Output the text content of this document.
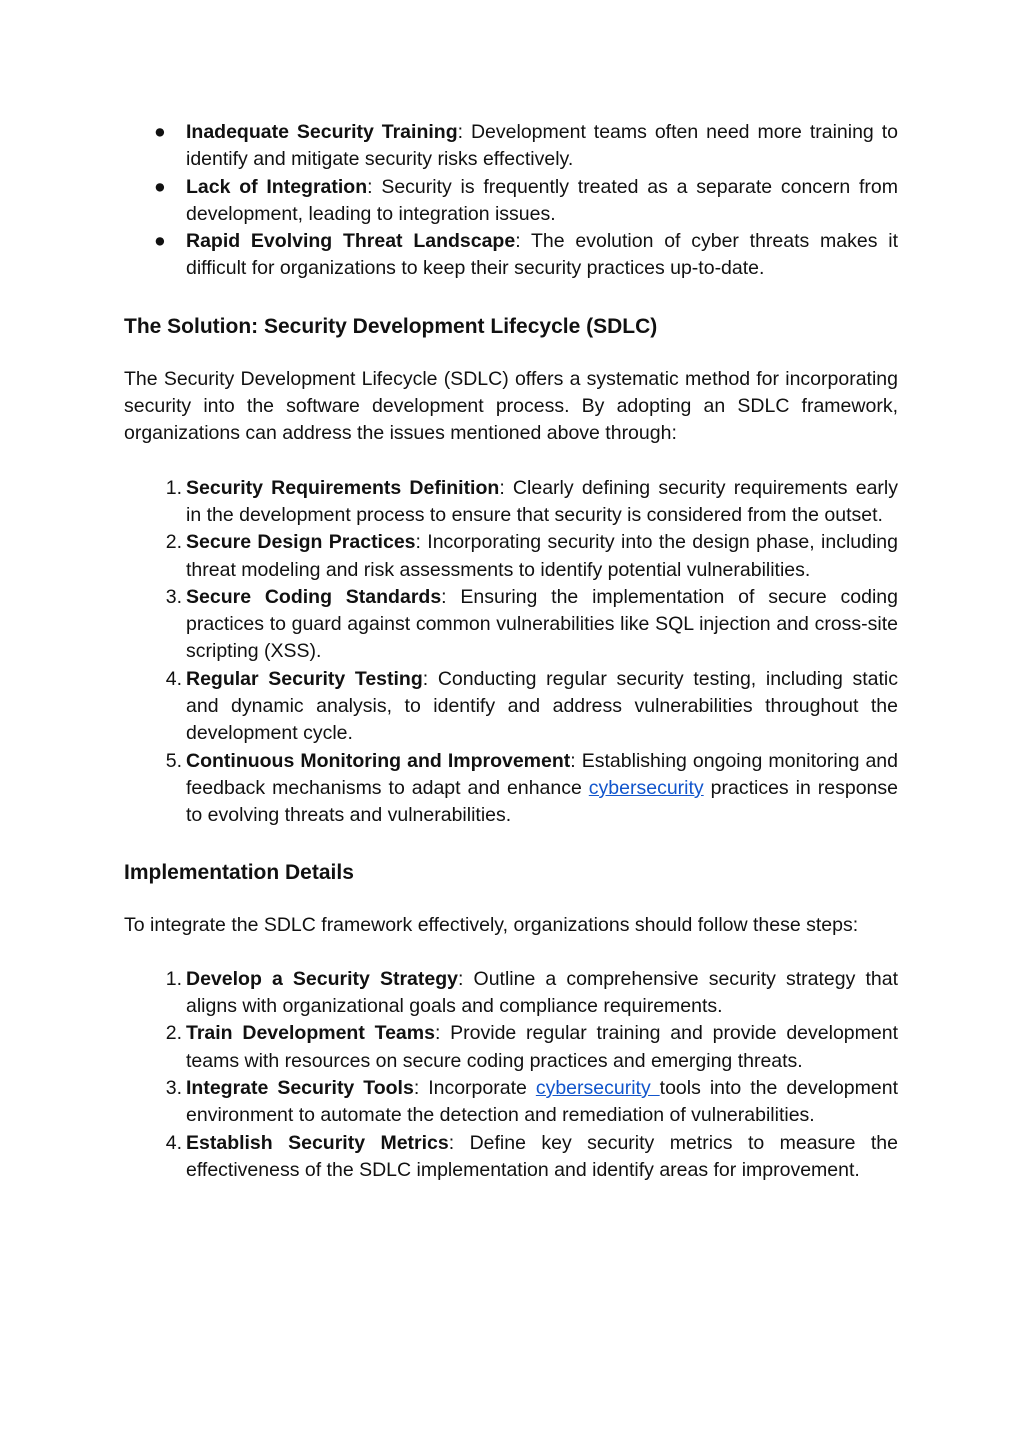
●	Inadequate Security Training: Development teams often need more training to identify and mitigate security risks effectively.
●	Lack of Integration: Security is frequently treated as a separate concern from development, leading to integration issues.
●	Rapid Evolving Threat Landscape: The evolution of cyber threats makes it difficult for organizations to keep their security practices up-to-date.
The Solution: Security Development Lifecycle (SDLC)

The Security Development Lifecycle (SDLC) offers a systematic method for incorporating security into the software development process. By adopting an SDLC framework, organizations can address the issues mentioned above through:

1. Security Requirements Definition: Clearly defining security requirements early in the development process to ensure that security is considered from the outset.
2. Secure Design Practices: Incorporating security into the design phase, including threat modeling and risk assessments to identify potential vulnerabilities.
3. Secure Coding Standards: Ensuring the implementation of secure coding practices to guard against common vulnerabilities like SQL injection and cross-site scripting (XSS).
4. Regular Security Testing: Conducting regular security testing, including static and dynamic analysis, to identify and address vulnerabilities throughout the development cycle.
5. Continuous Monitoring and Improvement: Establishing ongoing monitoring and feedback mechanisms to adapt and enhance cybersecurity practices in response to evolving threats and vulnerabilities.
Implementation Details

To integrate the SDLC framework effectively, organizations should follow these steps:

1. Develop a Security Strategy: Outline a comprehensive security strategy that aligns with organizational goals and compliance requirements.
2. Train Development Teams: Provide regular training and provide development teams with resources on secure coding practices and emerging threats.
3. Integrate Security Tools: Incorporate cybersecurity tools into the development environment to automate the detection and remediation of vulnerabilities.
4. Establish Security Metrics: Define key security metrics to measure the effectiveness of the SDLC implementation and identify areas for improvement.
